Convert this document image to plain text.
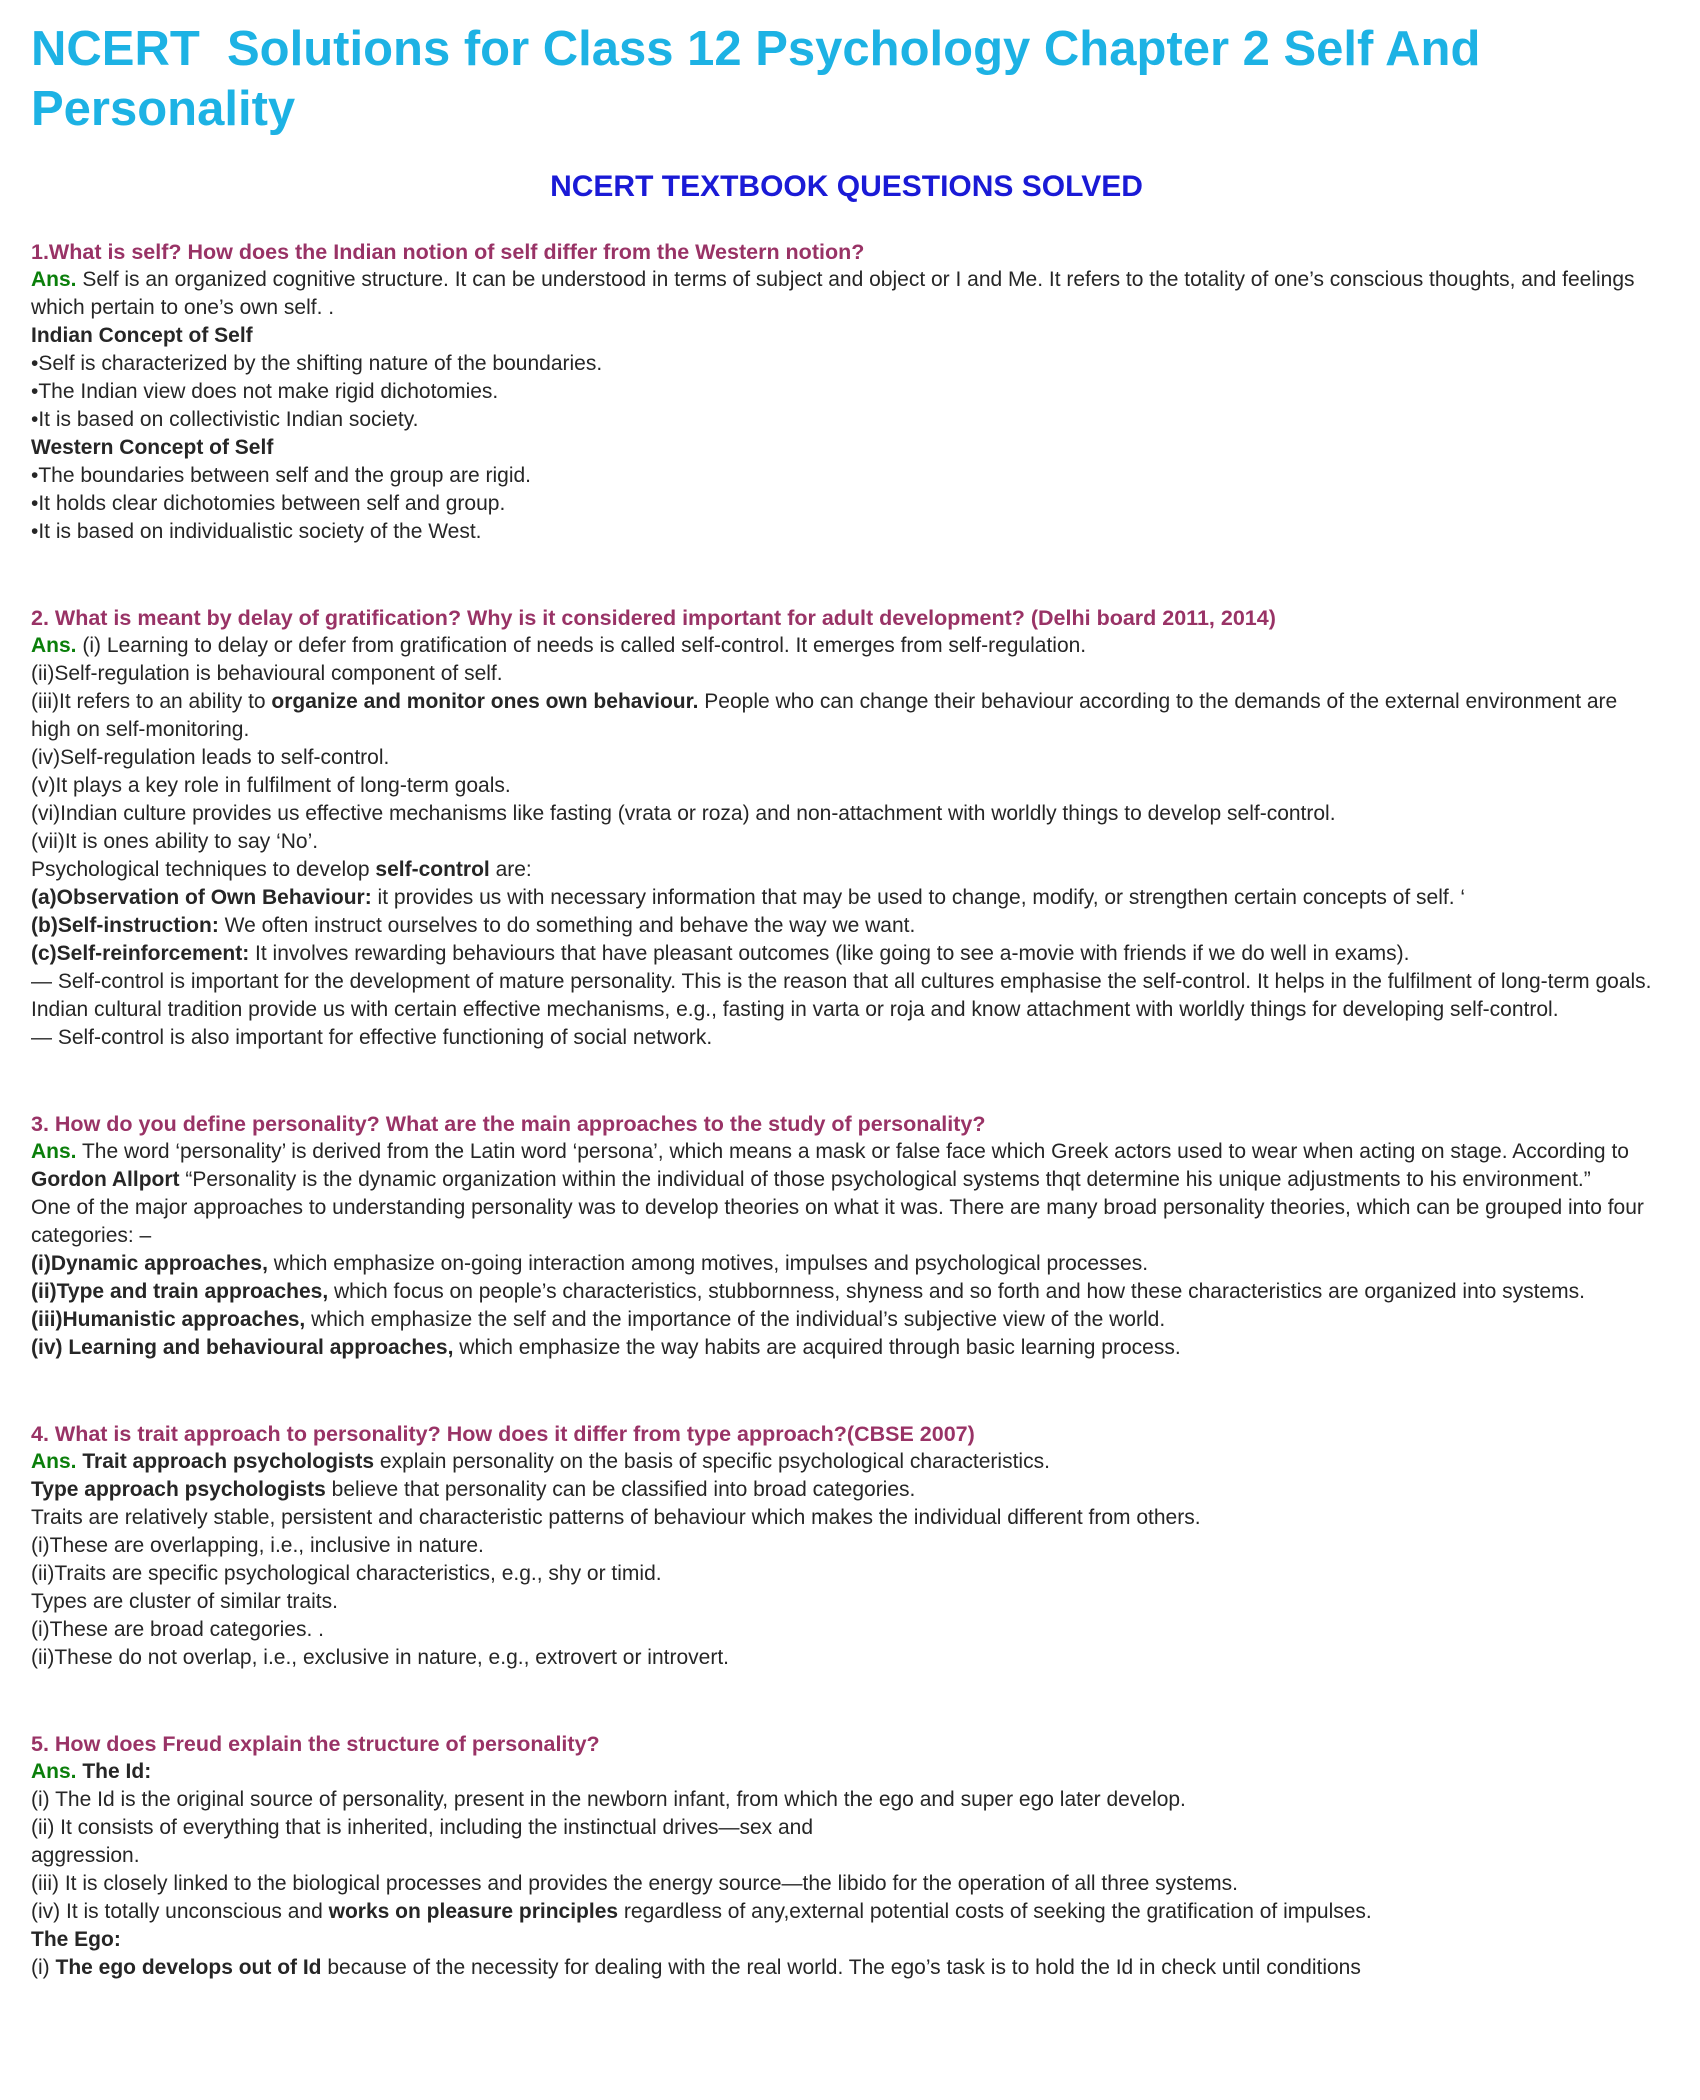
NCERT  Solutions for Class 12 Psychology Chapter 2 Self And Personality
NCERT TEXTBOOK QUESTIONS SOLVED
1.What is self? How does the Indian notion of self differ from the Western notion?
Ans. Self is an organized cognitive structure. It can be understood in terms of subject and object or I and Me. It refers to the totality of one’s conscious thoughts, and feelings which pertain to one’s own self. .
Indian Concept of Self
•Self is characterized by the shifting nature of the boundaries.
•The Indian view does not make rigid dichotomies.
•It is based on collectivistic Indian society.
Western Concept of Self
•The boundaries between self and the group are rigid.
•It holds clear dichotomies between self and group.
•It is based on individualistic society of the West.
2. What is meant by delay of gratification? Why is it considered important for adult development? (Delhi board 2011, 2014)
Ans. (i) Learning to delay or defer from gratification of needs is called self-control. It emerges from self-regulation.
(ii)Self-regulation is behavioural component of self.
(iii)It refers to an ability to organize and monitor ones own behaviour. People who can change their behaviour according to the demands of the external environment are high on self-monitoring.
(iv)Self-regulation leads to self-control.
(v)It plays a key role in fulfilment of long-term goals.
(vi)Indian culture provides us effective mechanisms like fasting (vrata or roza) and non-attachment with worldly things to develop self-control.
(vii)It is ones ability to say ‘No’.
Psychological techniques to develop self-control are:
(a)Observation of Own Behaviour: it provides us with necessary information that may be used to change, modify, or strengthen certain concepts of self. ‘
(b)Self-instruction: We often instruct ourselves to do something and behave the way we want.
(c)Self-reinforcement: It involves rewarding behaviours that have pleasant outcomes (like going to see a-movie with friends if we do well in exams).
— Self-control is important for the development of mature personality. This is the reason that all cultures emphasise the self-control. It helps in the fulfilment of long-term goals. Indian cultural tradition provide us with certain effective mechanisms, e.g., fasting in varta or roja and know attachment with worldly things for developing self-control.
— Self-control is also important for effective functioning of social network.
3. How do you define personality? What are the main approaches to the study of personality?
Ans. The word ‘personality’ is derived from the Latin word ‘persona’, which means a mask or false face which Greek actors used to wear when acting on stage. According to Gordon Allport “Personality is the dynamic organization within the individual of those psychological systems thqt determine his unique adjustments to his environment.”
One of the major approaches to understanding personality was to develop theories on what it was. There are many broad personality theories, which can be grouped into four categories: –
(i)Dynamic approaches, which emphasize on-going interaction among motives, impulses and psychological processes.
(ii)Type and train approaches, which focus on people’s characteristics, stubbornness, shyness and so forth and how these characteristics are organized into systems.
(iii)Humanistic approaches, which emphasize the self and the importance of the individual’s subjective view of the world.
(iv) Learning and behavioural approaches, which emphasize the way habits are acquired through basic learning process.
4. What is trait approach to personality? How does it differ from type approach?(CBSE 2007)
Ans. Trait approach psychologists explain personality on the basis of specific psychological characteristics.
Type approach psychologists believe that personality can be classified into broad categories.
Traits are relatively stable, persistent and characteristic patterns of behaviour which makes the individual different from others.
(i)These are overlapping, i.e., inclusive in nature.
(ii)Traits are specific psychological characteristics, e.g., shy or timid.
Types are cluster of similar traits.
(i)These are broad categories. .
(ii)These do not overlap, i.e., exclusive in nature, e.g., extrovert or introvert.
5. How does Freud explain the structure of personality?
Ans. The Id:
(i) The Id is the original source of personality, present in the newborn infant, from which the ego and super ego later develop.
(ii) It consists of everything that is inherited, including the instinctual drives—sex and
aggression.
(iii) It is closely linked to the biological processes and provides the energy source—the libido for the operation of all three systems.
(iv) It is totally unconscious and works on pleasure principles regardless of any,external potential costs of seeking the gratification of impulses.
The Ego:
(i) The ego develops out of Id because of the necessity for dealing with the real world. The ego’s task is to hold the Id in check until conditions
